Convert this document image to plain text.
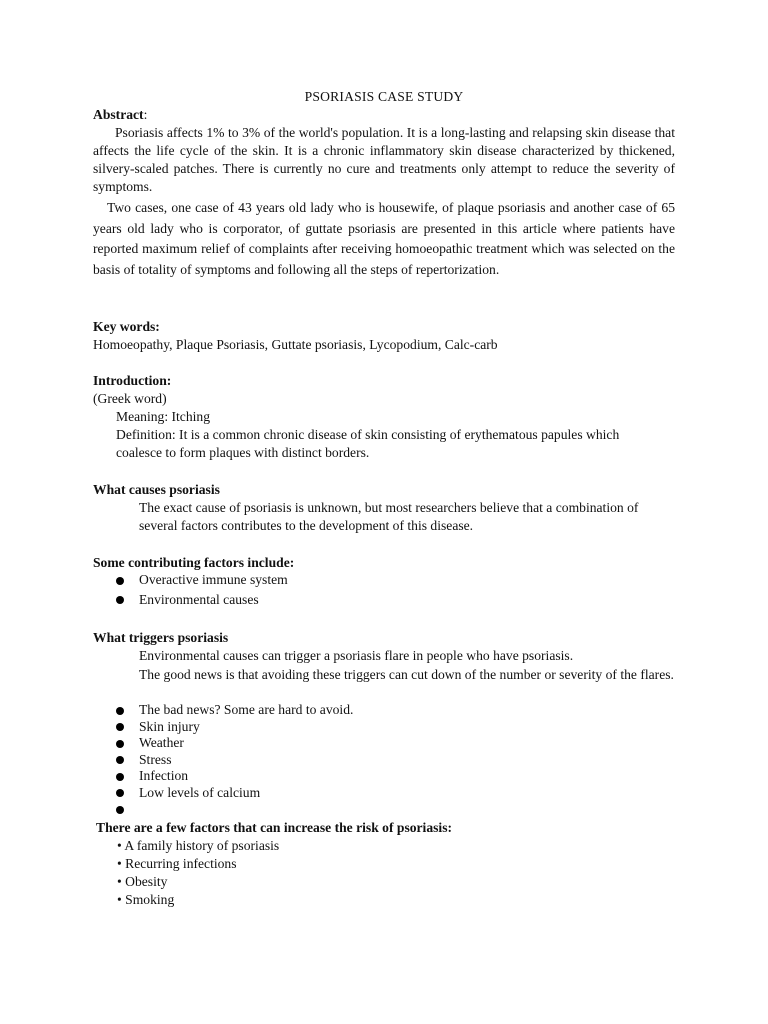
PSORIASIS CASE STUDY
Abstract:
Psoriasis affects 1% to 3% of the world's population. It is a long-lasting and relapsing skin disease that affects the life cycle of the skin. It is a chronic inflammatory skin disease characterized by thickened, silvery-scaled patches. There is currently no cure and treatments only attempt to reduce the severity of symptoms.
Two cases, one case of 43 years old lady who is housewife, of plaque psoriasis and another case of 65 years old lady who is corporator, of guttate psoriasis are presented in this article where patients have reported maximum relief of complaints after receiving homoeopathic treatment which was selected on the basis of totality of symptoms and following all the steps of repertorization.
Key words:
Homoeopathy, Plaque Psoriasis, Guttate psoriasis, Lycopodium, Calc-carb
Introduction:
(Greek word)
Meaning: Itching
Definition: It is a common chronic disease of skin consisting of erythematous papules which coalesce to form plaques with distinct borders.
What causes psoriasis
The exact cause of psoriasis is unknown, but most researchers believe that a combination of several factors contributes to the development of this disease.
Some contributing factors include:
Overactive immune system
Environmental causes
What triggers psoriasis
Environmental causes can trigger a psoriasis flare in people who have psoriasis.
The good news is that avoiding these triggers can cut down of the number or severity of the flares.
The bad news? Some are hard to avoid.
Skin injury
Weather
Stress
Infection
Low levels of calcium
There are a few factors that can increase the risk of psoriasis:
• A family history of psoriasis
• Recurring infections
• Obesity
• Smoking
